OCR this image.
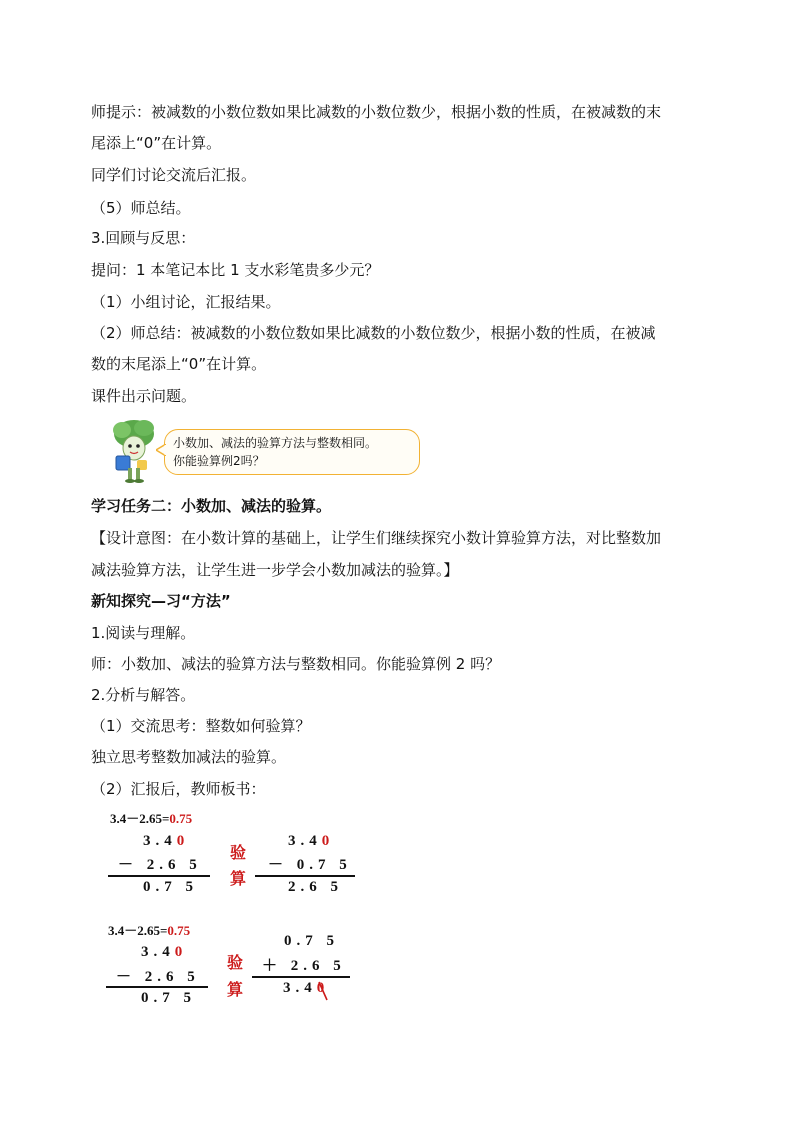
师提示：被减数的小数位数如果比减数的小数位数少，根据小数的性质，在被减数的末
尾添上“0”在计算。
同学们讨论交流后汇报。
（5）师总结。
3.回顾与反思：
提问：1 本笔记本比 1 支水彩笔贵多少元？
（1）小组讨论，汇报结果。
（2）师总结：被减数的小数位数如果比减数的小数位数少，根据小数的性质，在被减
数的末尾添上“0”在计算。
课件出示问题。
小数加、减法的验算方法与整数相同。
你能验算例2吗？
学习任务二：小数加、减法的验算。
【设计意图：在小数计算的基础上，让学生们继续探究小数计算验算方法，对比整数加
减法验算方法，让学生进一步学会小数加减法的验算。】
新知探究—习“方法”
1.阅读与理解。
师：小数加、减法的验算方法与整数相同。你能验算例 2 吗？
2.分析与解答。
（1）交流思考：整数如何验算？
独立思考整数加减法的验算。
（2）汇报后，教师板书：
3.4－2.65=0.75
3.40
－ 2.6 5
0.7 5
验
算
3.40
－ 0.7 5
2.6 5
3.4－2.65=0.75
3.40
－ 2.6 5
0.7 5
验
算
0.7 5
＋ 2.6 5
3.40
